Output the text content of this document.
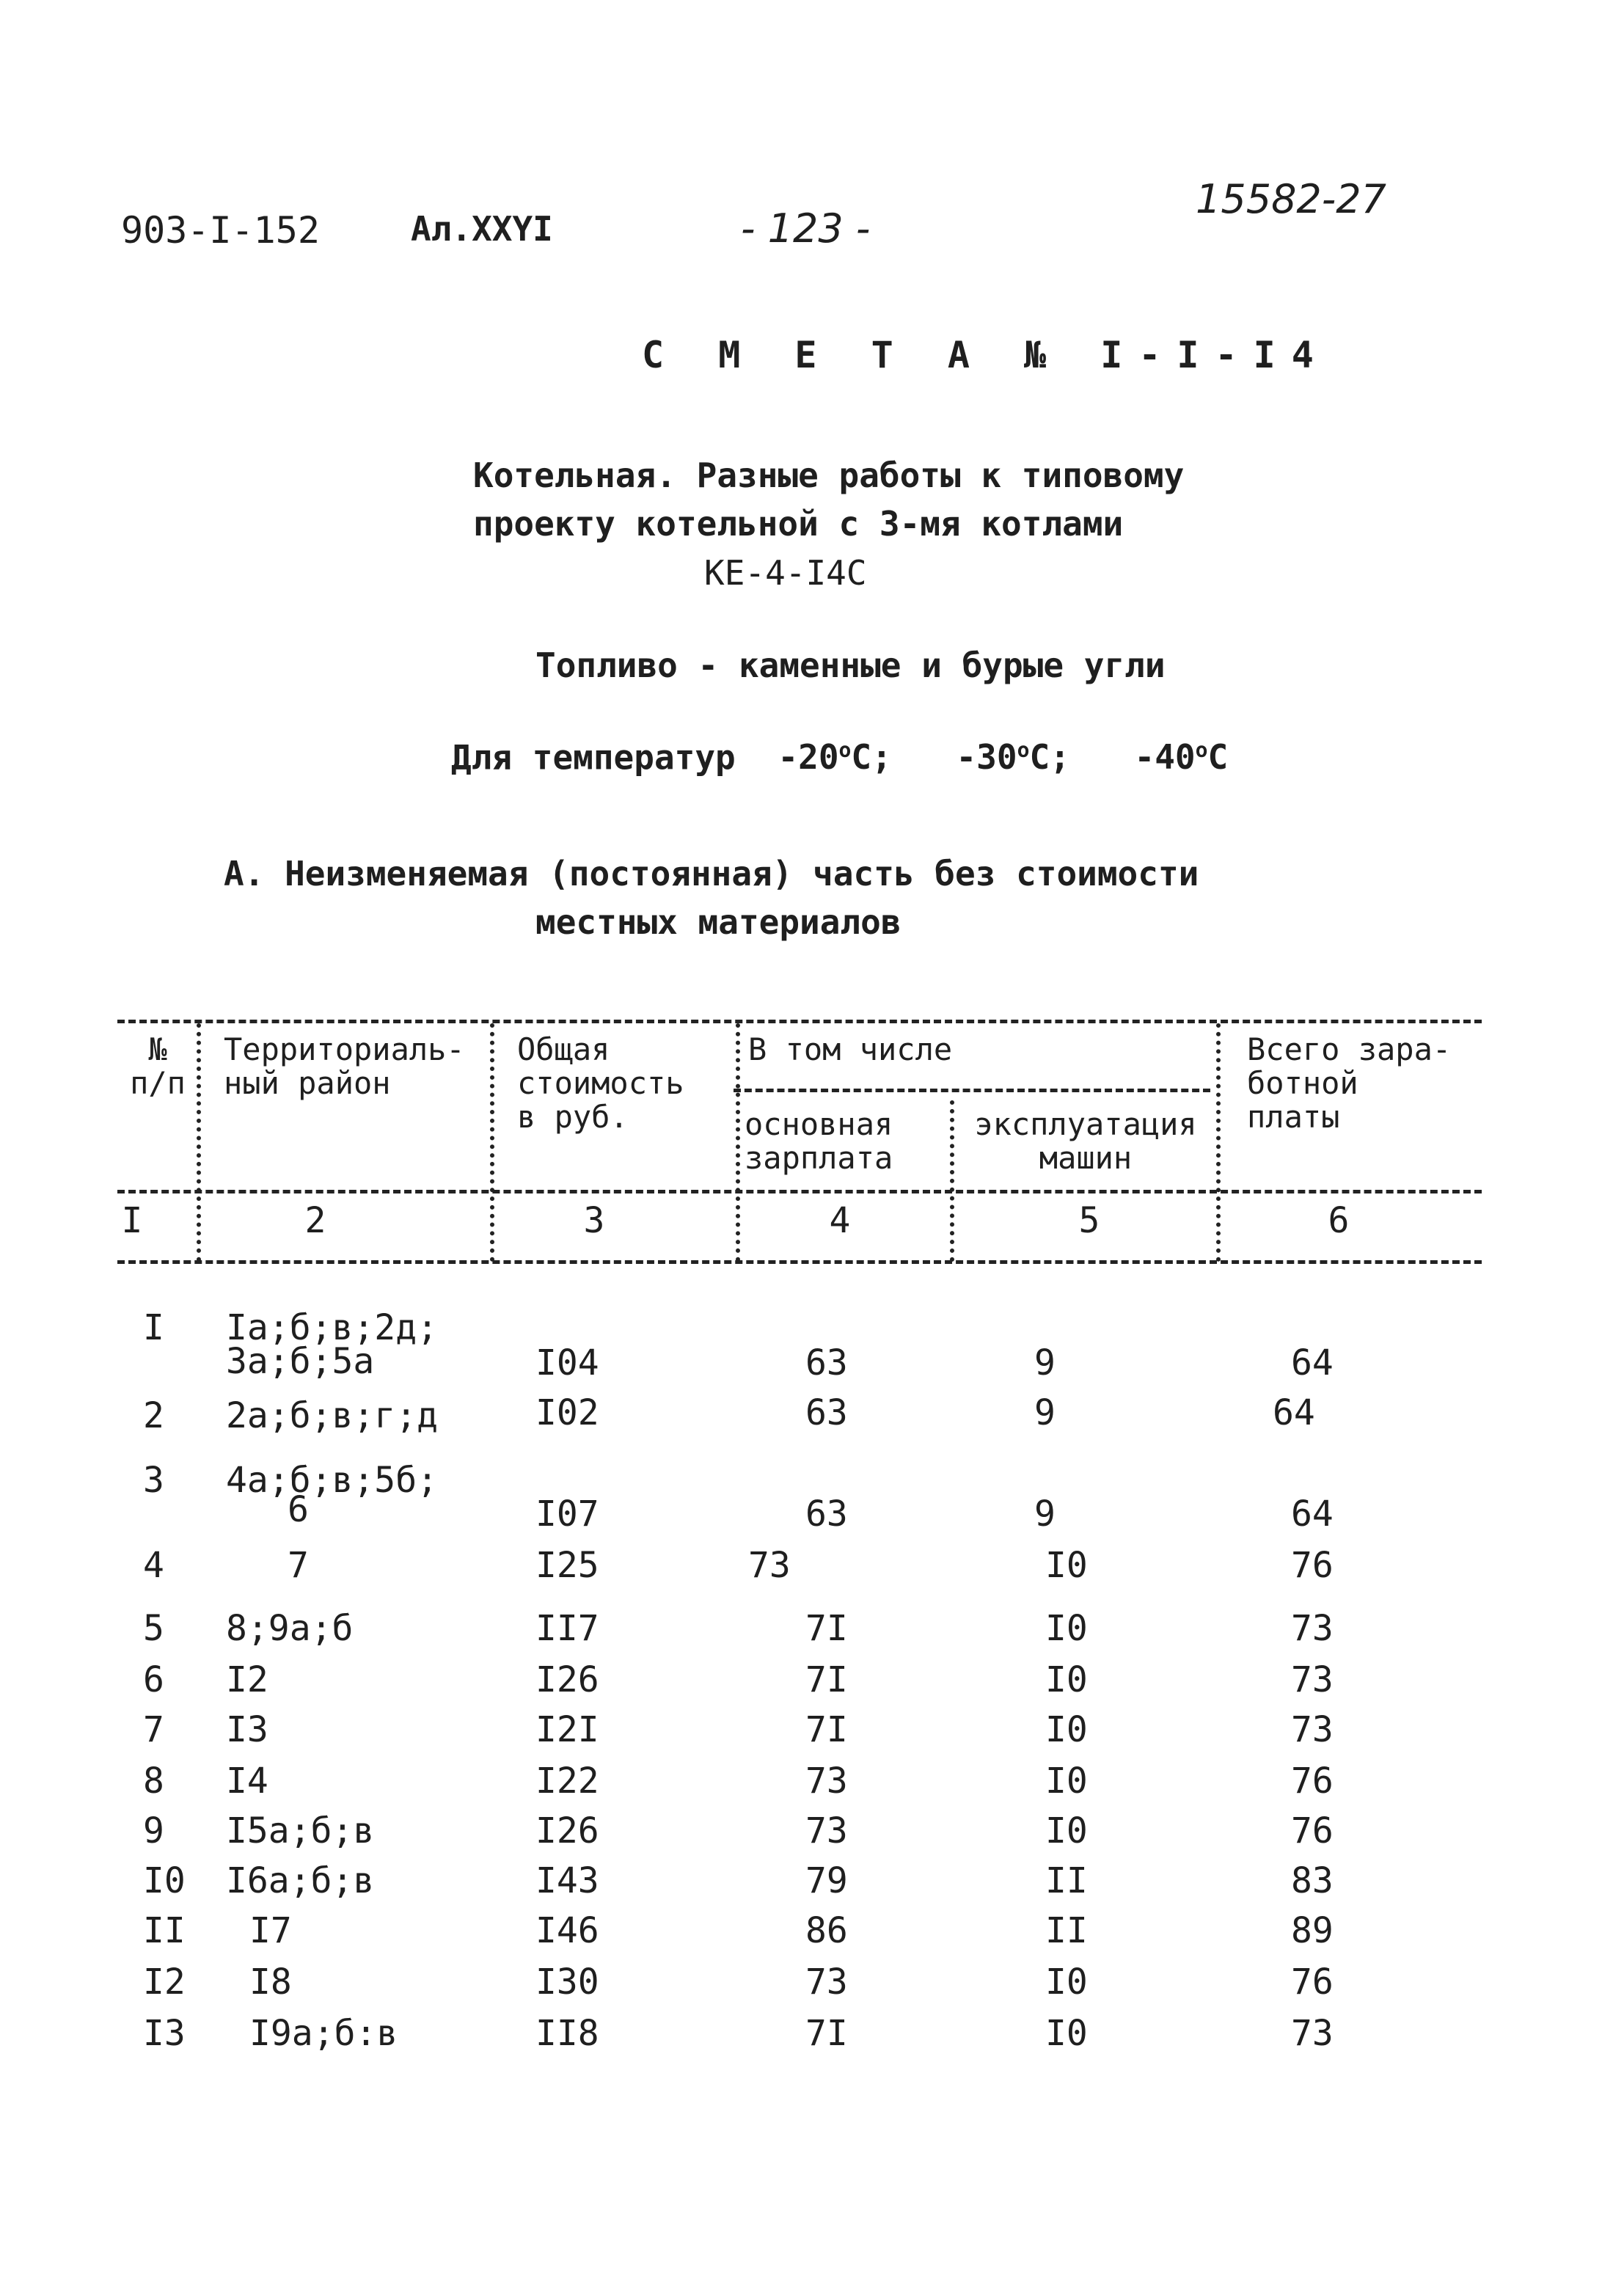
903-I-152	Ал.XXYI	- 123 -
15582-27
С М Е Т А № I-I-I4
Котельная. Разные работы к типовому
проекту котельной с 3-мя котлами
КЕ-4-I4С
Топливо - каменные и бурые угли
Для температур -20$^o$С; -30$^o$С; -40$^o$С
А. Неизменяемая (постоянная) часть без стоимости
местных материалов
№
п/п
Территориаль-
ный район
Общая
стоимость
в руб.
В том числе
основная
зарплата
эксплуатация
машин
Всего зара-
ботной
платы
I	2	3	4	5	6
I Iа;б;в;2д;
3а;б;5а	I04	63	9	64
2 2а;б;в;г;д	I02	63	9	64
3 4а;б;в;5б;
6	I07	63	9	64
4	7	I25	73	I0	76
5 8;9а;б	II7	7I	I0	73
6 I2	I26	7I	I0	73
7 I3	I2I	7I	I0	73
8 I4	I22	73	I0	76
9 I5а;б;в	I26	73	I0	76
I0 I6а;б;в	I43	79	II	83
II I7	I46	86	II	89
I2 I8	I30	73	I0	76
I3 I9а;б:в	II8	7I	I0	73
